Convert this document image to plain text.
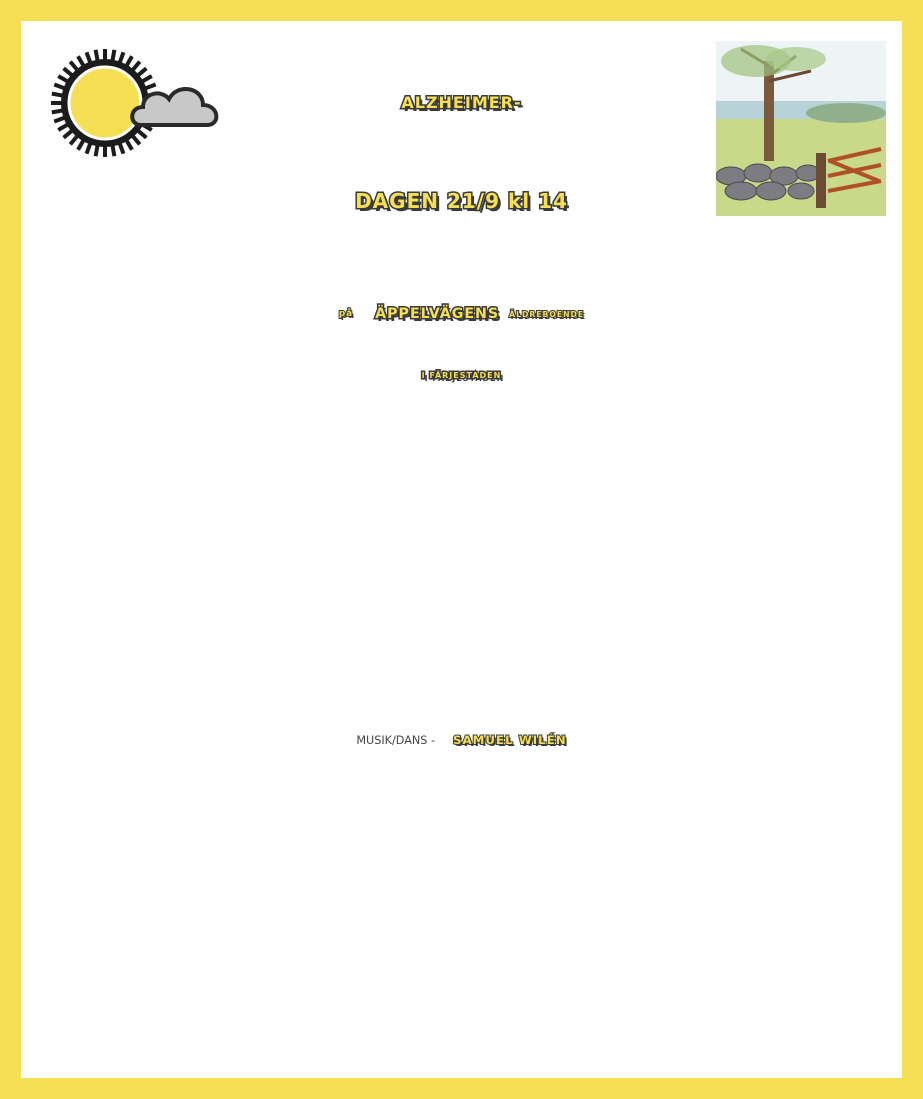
ALZHEIMER-
DAGEN 21/9 kl 14
på ÄPPELVÄGENS ÄLDREBOENDE
I FÄRJESTADEN
MUSIK/DANS - SAMUEL WILÉN
